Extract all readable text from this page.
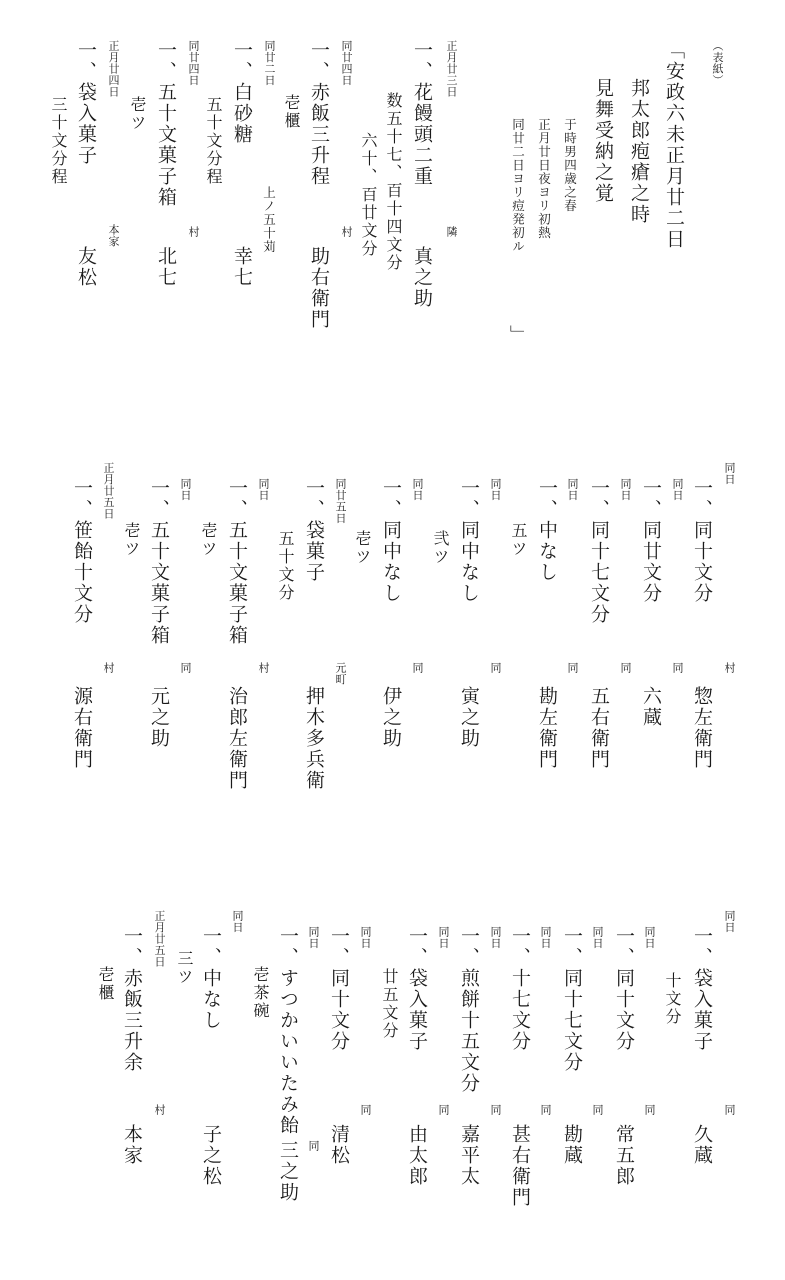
（表紙）
「安政六未正月廿二日
邦太郎疱瘡之時
見舞受納之覚
于時男四歳之春
正月廿日夜ヨリ初熱
同廿二日ヨリ痘発初ル
」
正月廿三日
一、花饅頭二重
数五十七、百十四文分
六十、百廿文分	隣
真之助
同廿四日
一、赤飯三升程
壱櫃
村
助右衛門
同廿二日
一、白砂糖
五十文分程
上ノ五十苅
幸七
同廿四日
一、五十文菓子箱
壱ツ
村
北七
正月廿四日
一、袋入菓子
三十文分程
本家
友松
同日
一、同十文分
村
惣左衛門
同日
一、同廿文分
同
六蔵
同日
一、同十七文分
同
五右衛門
同日
一、中なし
五ツ
同
勘左衛門
同日
一、同中なし
弐ツ
同
寅之助
同日
一、同中なし
壱ツ
同
伊之助
同廿五日
一、袋菓子
五十文分
元町
押木多兵衛
同日
一、五十文菓子箱
壱ツ
村
治郎左衛門
同日
一、五十文菓子箱
壱ツ
同
元之助
正月廿五日
一、笹飴十文分
村
源右衛門
同日
一、袋入菓子
十文分
同
久蔵
同日
一、同十文分
同
常五郎
同日
一、同十七文分
同
勘蔵
同日
一、十七文分
同
甚右衛門
同日
一、煎餅十五文分
同
嘉平太
同日
一、袋入菓子
廿五文分
同
由太郎
同日
一、同十文分
同
清松
同日
一、すつかいいたみ飴
壱茶碗
同
三之助
同日
一、中なし
三ツ
子之松
正月廿五日
一、赤飯三升余
壱櫃
村
本家
